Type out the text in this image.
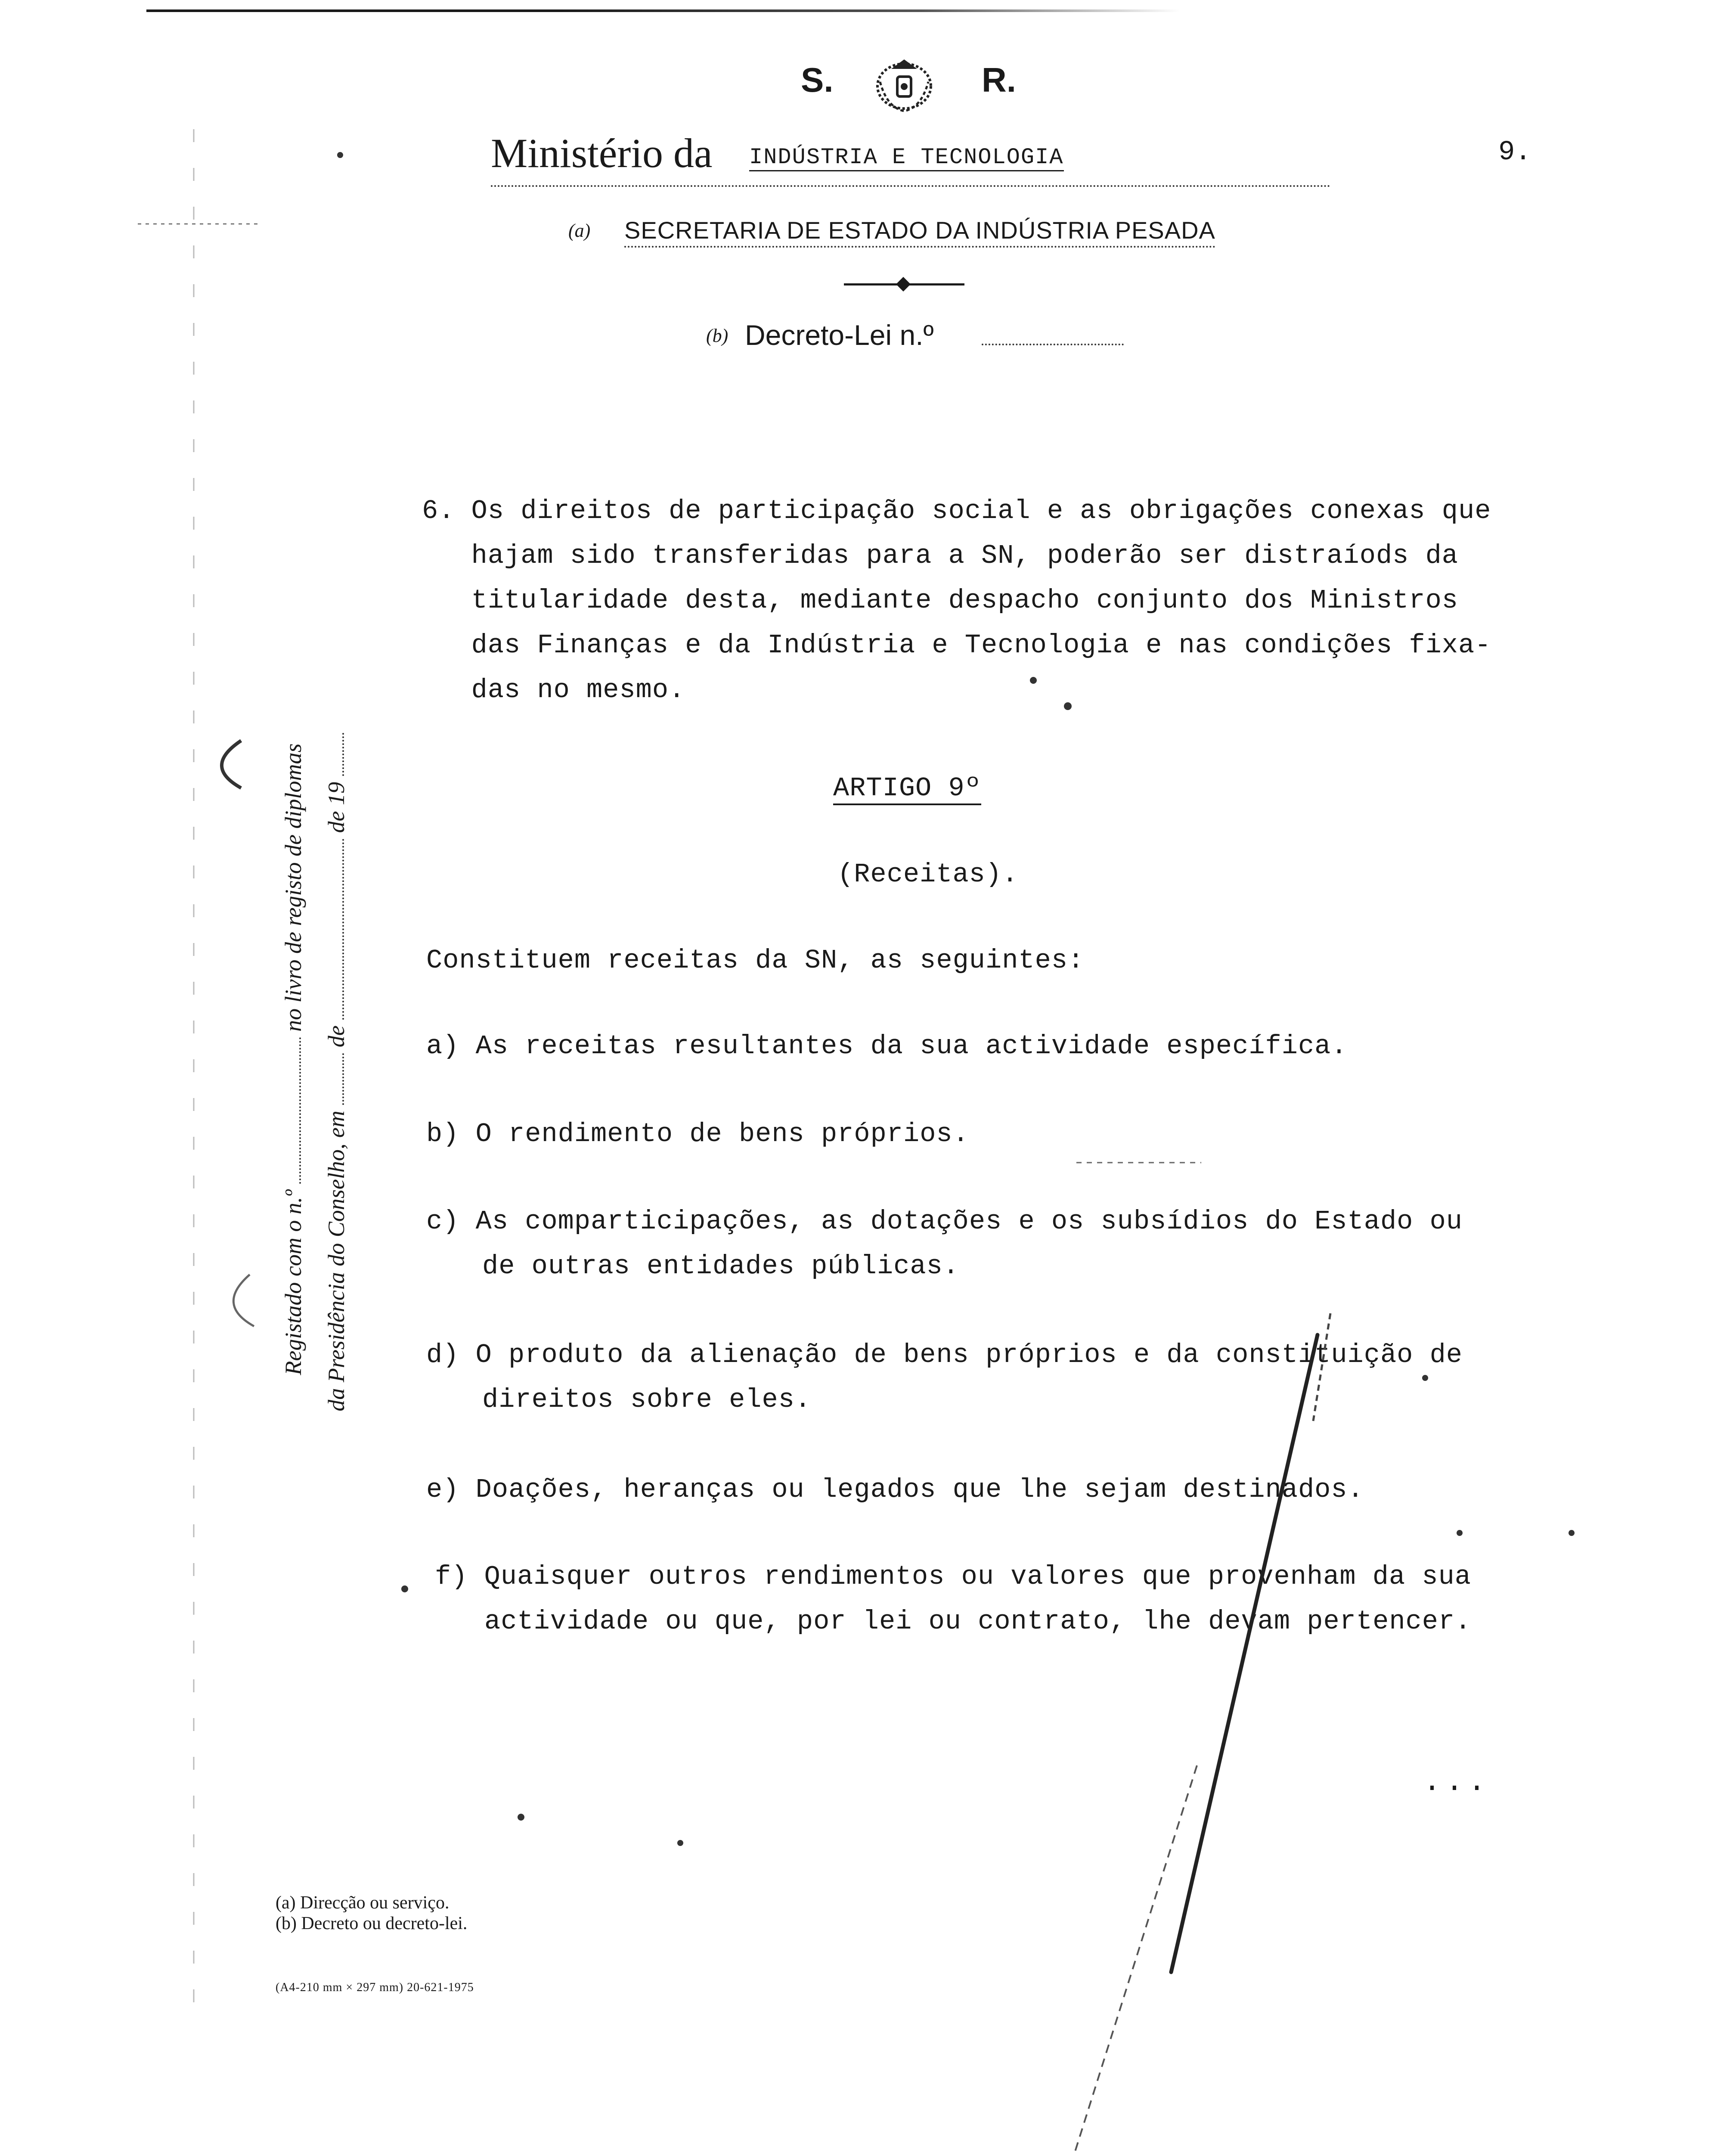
S.	R.
Ministério da INDÚSTRIA E TECNOLOGIA	9.
(a) SECRETARIA DE ESTADO DA INDÚSTRIA PESADA
(b) Decreto-Lei n.º
Registado com o n.º  no livro de registo de diplomas
da Presidência do Conselho, em  de  de 19
6. Os direitos de participação social e as obrigações conexas que
hajam sido transferidas para a SN, poderão ser distraíods da
titularidade desta, mediante despacho conjunto dos Ministros
das Finanças e da Indústria e Tecnologia e nas condições fixa-
das no mesmo.
ARTIGO 9º
(Receitas).
Constituem receitas da SN, as seguintes:
a) As receitas resultantes da sua actividade específica.
b) O rendimento de bens próprios.
c) As comparticipações, as dotações e os subsídios do Estado ou
de outras entidades públicas.
d) O produto da alienação de bens próprios e da constituição de
direitos sobre eles.
e) Doações, heranças ou legados que lhe sejam destinados.
f) Quaisquer outros rendimentos ou valores que provenham da sua
actividade ou que, por lei ou contrato, lhe devam pertencer.
...
(a) Direcção ou serviço.
(b) Decreto ou decreto-lei.
(A4-210 mm × 297 mm) 20-621-1975
